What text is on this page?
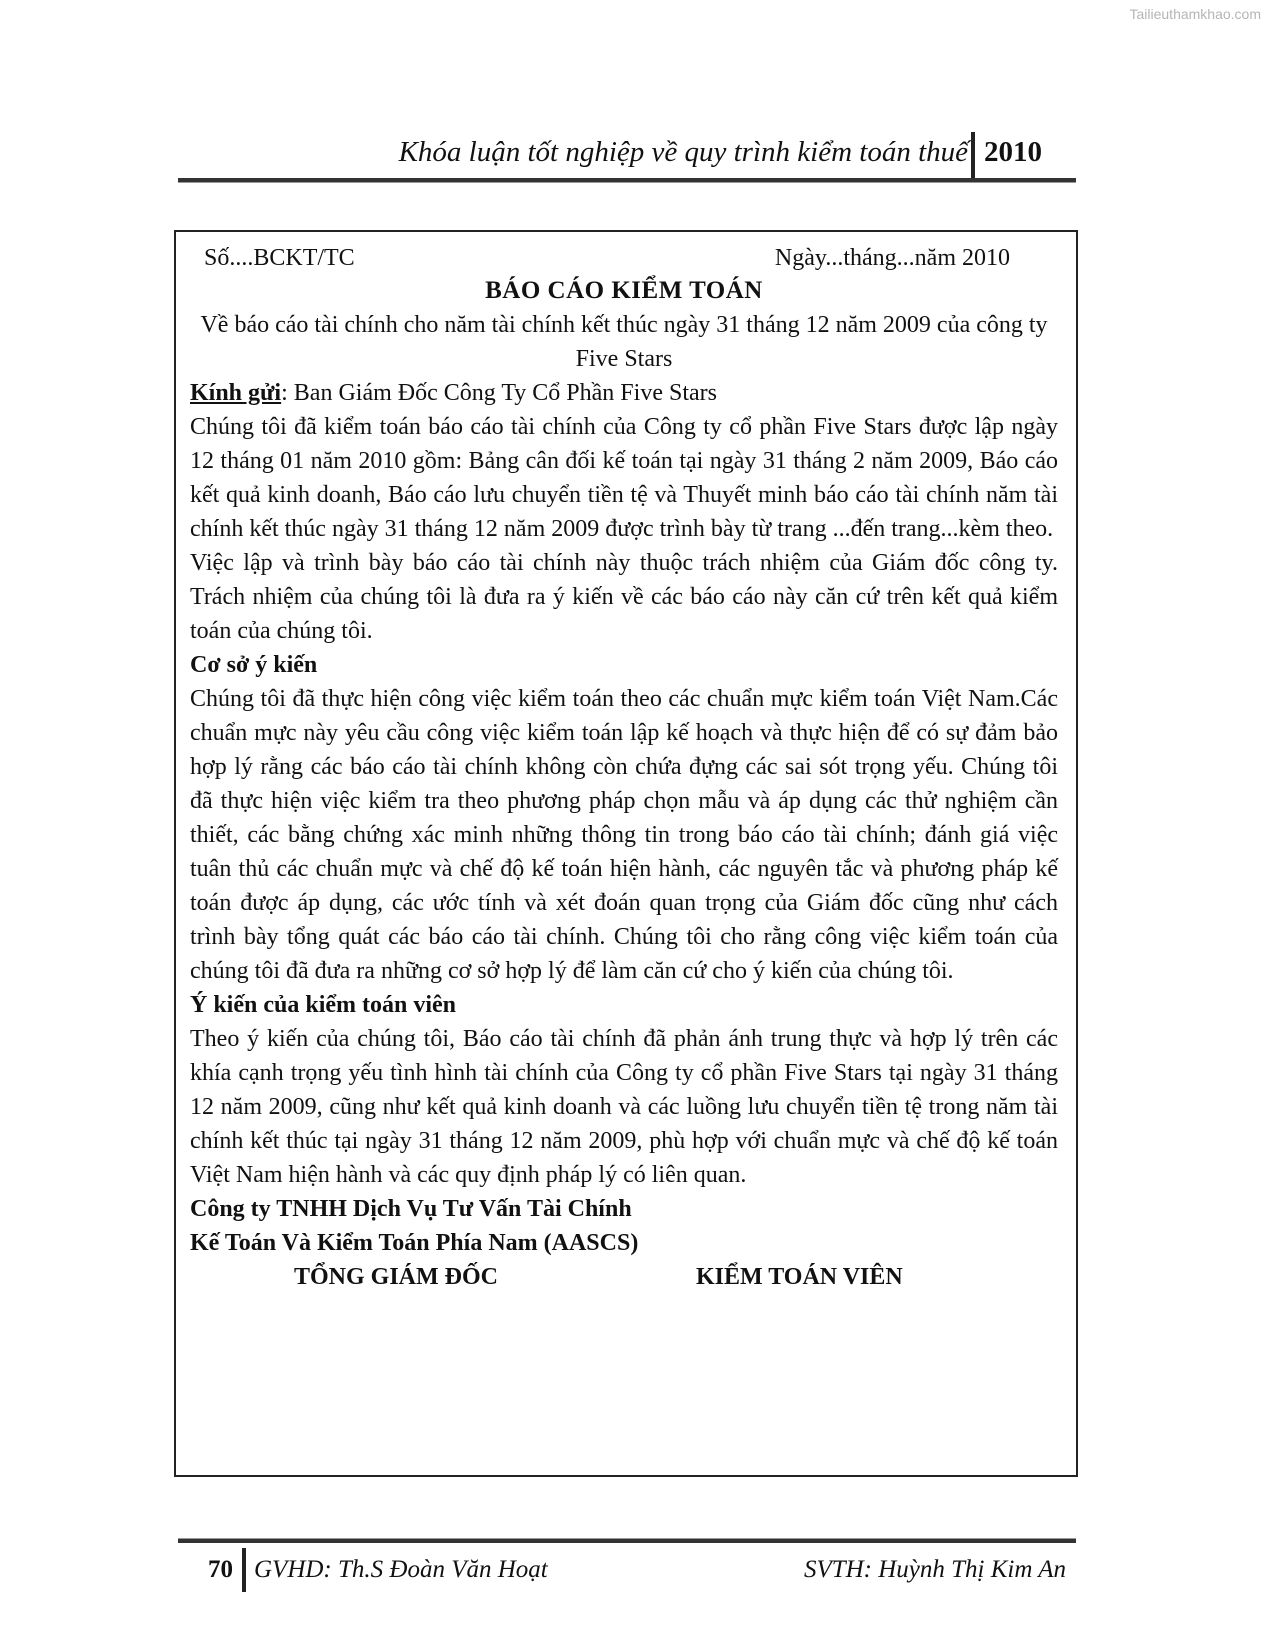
Tailieuthamkhao.com
Khóa luận tốt nghiệp về quy trình kiểm toán thuế 2010
Số....BCKT/TC	Ngày...tháng...năm 2010
BÁO CÁO KIỂM TOÁN
Về báo cáo tài chính cho năm tài chính kết thúc ngày 31 tháng 12 năm 2009 của công ty Five Stars
Kính gửi: Ban Giám Đốc Công Ty Cổ Phần Five Stars
Chúng tôi đã kiểm toán báo cáo tài chính của Công ty cổ phần Five Stars được lập ngày 12 tháng 01 năm 2010 gồm: Bảng cân đối kế toán tại ngày 31 tháng 2 năm 2009, Báo cáo kết quả kinh doanh, Báo cáo lưu chuyển tiền tệ và Thuyết minh báo cáo tài chính năm tài chính kết thúc ngày 31 tháng 12 năm 2009 được trình bày từ trang ...đến trang...kèm theo.
Việc lập và trình bày báo cáo tài chính này thuộc trách nhiệm của Giám đốc công ty. Trách nhiệm của chúng tôi là đưa ra ý kiến về các báo cáo này căn cứ trên kết quả kiểm toán của chúng tôi.
Cơ sở ý kiến
Chúng tôi đã thực hiện công việc kiểm toán theo các chuẩn mực kiểm toán Việt Nam.Các chuẩn mực này yêu cầu công việc kiểm toán lập kế hoạch và thực hiện để có sự đảm bảo hợp lý rằng các báo cáo tài chính không còn chứa đựng các sai sót trọng yếu. Chúng tôi đã thực hiện việc kiểm tra theo phương pháp chọn mẫu và áp dụng các thử nghiệm cần thiết, các bằng chứng xác minh những thông tin trong báo cáo tài chính; đánh giá việc tuân thủ các chuẩn mực và chế độ kế toán hiện hành, các nguyên tắc và phương pháp kế toán được áp dụng, các ước tính và xét đoán quan trọng của Giám đốc cũng như cách trình bày tổng quát các báo cáo tài chính. Chúng tôi cho rằng công việc kiểm toán của chúng tôi đã đưa ra những cơ sở hợp lý để làm căn cứ cho ý kiến của chúng tôi.
Ý kiến của kiểm toán viên
Theo ý kiến của chúng tôi, Báo cáo tài chính đã phản ánh trung thực và hợp lý trên các khía cạnh trọng yếu tình hình tài chính của Công ty cổ phần Five Stars tại ngày 31 tháng 12 năm 2009, cũng như kết quả kinh doanh và các luồng lưu chuyển tiền tệ trong năm tài chính kết thúc tại ngày 31 tháng 12 năm 2009, phù hợp với chuẩn mực và chế độ kế toán Việt Nam hiện hành và các quy định pháp lý có liên quan.
Công ty TNHH Dịch Vụ Tư Vấn Tài Chính
Kế Toán Và Kiểm Toán Phía Nam (AASCS)
TỔNG GIÁM ĐỐC	KIỂM TOÁN VIÊN
70 GVHD: Th.S Đoàn Văn Hoạt	SVTH: Huỳnh Thị Kim An
